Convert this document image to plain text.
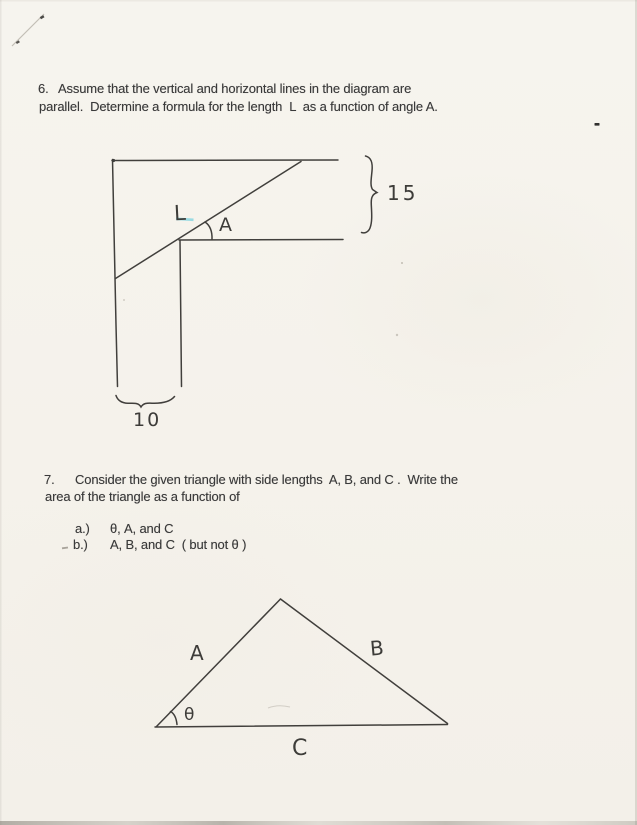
6. Assume that the vertical and horizontal lines in the diagram are
parallel.  Determine a formula for the length  L  as a function of angle A.
7. Consider the given triangle with side lengths  A, B, and C .  Write the
area of the triangle as a function of
a.) θ, A, and C
b.) A, B, and C  ( but not θ )
L A
15
10
A	B
C
θ
